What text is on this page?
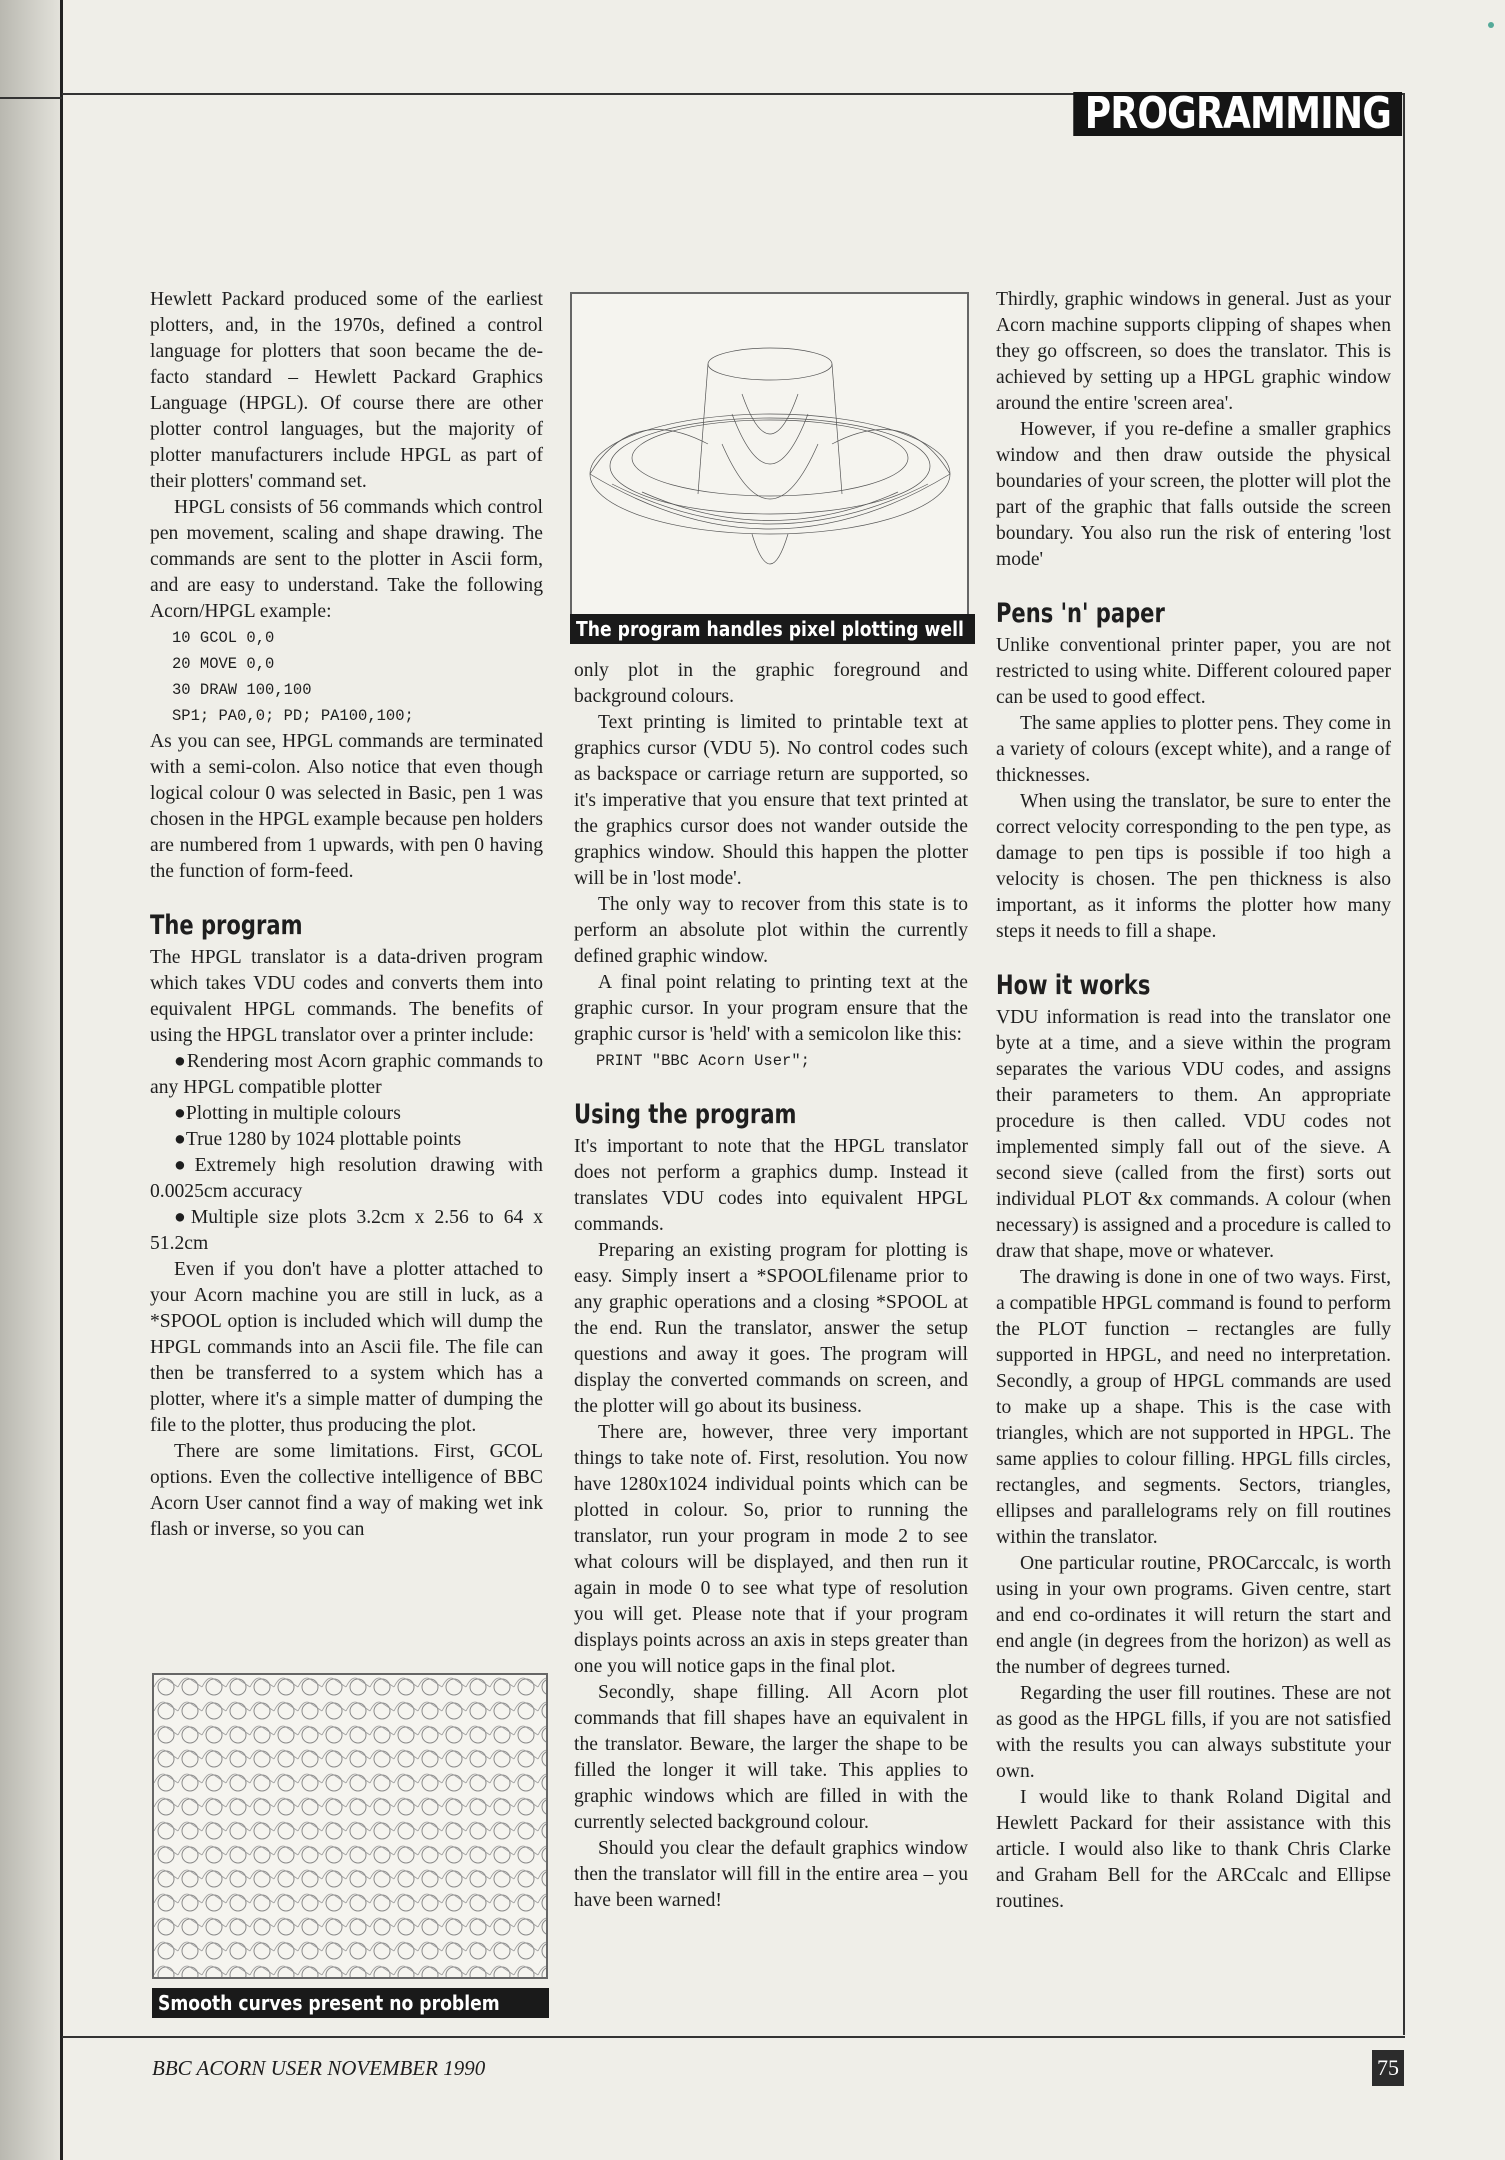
PROGRAMMING

Hewlett Packard produced some of the earliest plotters, and, in the 1970s, defined a control language for plotters that soon became the de-facto standard – Hewlett Packard Graphics Language (HPGL). Of course there are other plotter control languages, but the majority of plotter manufacturers include HPGL as part of their plotters' command set.

HPGL consists of 56 commands which control pen movement, scaling and shape drawing. The commands are sent to the plotter in Ascii form, and are easy to understand. Take the following Acorn/HPGL example:

10 GCOL 0,0
20 MOVE 0,0
30 DRAW 100,100
SP1; PA0,0; PD; PA100,100;

As you can see, HPGL commands are terminated with a semi-colon. Also notice that even though logical colour 0 was selected in Basic, pen 1 was chosen in the HPGL example because pen holders are numbered from 1 upwards, with pen 0 having the function of form-feed.

The program

The HPGL translator is a data-driven program which takes VDU codes and converts them into equivalent HPGL commands. The benefits of using the HPGL translator over a printer include:

● Rendering most Acorn graphic commands to any HPGL compatible plotter

● Plotting in multiple colours

● True 1280 by 1024 plottable points

● Extremely high resolution drawing with 0.0025cm accuracy

● Multiple size plots 3.2cm x 2.56 to 64 x 51.2cm

Even if you don't have a plotter attached to your Acorn machine you are still in luck, as a *SPOOL option is included which will dump the HPGL commands into an Ascii file. The file can then be transferred to a system which has a plotter, where it's a simple matter of dumping the file to the plotter, thus producing the plot.

There are some limitations. First, GCOL options. Even the collective intelligence of BBC Acorn User cannot find a way of making wet ink flash or inverse, so you can

Smooth curves present no problem
The program handles pixel plotting well

only plot in the graphic foreground and background colours.

Text printing is limited to printable text at graphics cursor (VDU 5). No control codes such as backspace or carriage return are supported, so it's imperative that you ensure that text printed at the graphics cursor does not wander outside the graphics window. Should this happen the plotter will be in 'lost mode'.

The only way to recover from this state is to perform an absolute plot within the currently defined graphic window.

A final point relating to printing text at the graphic cursor. In your program ensure that the graphic cursor is 'held' with a semicolon like this:

PRINT "BBC Acorn User";
Using the program

It's important to note that the HPGL translator does not perform a graphics dump. Instead it translates VDU codes into equivalent HPGL commands.

Preparing an existing program for plotting is easy. Simply insert a *SPOOLfilename prior to any graphic operations and a closing *SPOOL at the end. Run the translator, answer the setup questions and away it goes. The program will display the converted commands on screen, and the plotter will go about its business.

There are, however, three very important things to take note of. First, resolution. You now have 1280x1024 individual points which can be plotted in colour. So, prior to running the translator, run your program in mode 2 to see what colours will be displayed, and then run it again in mode 0 to see what type of resolution you will get. Please note that if your program displays points across an axis in steps greater than one you will notice gaps in the final plot.

Secondly, shape filling. All Acorn plot commands that fill shapes have an equivalent in the translator. Beware, the larger the shape to be filled the longer it will take. This applies to graphic windows which are filled in with the currently selected background colour.

Should you clear the default graphics window then the translator will fill in the entire area – you have been warned!

Thirdly, graphic windows in general. Just as your Acorn machine supports clipping of shapes when they go offscreen, so does the translator. This is achieved by setting up a HPGL graphic window around the entire 'screen area'.

However, if you re-define a smaller graphics window and then draw outside the physical boundaries of your screen, the plotter will plot the part of the graphic that falls outside the screen boundary. You also run the risk of entering 'lost mode'

Pens 'n' paper

Unlike conventional printer paper, you are not restricted to using white. Different coloured paper can be used to good effect.

The same applies to plotter pens. They come in a variety of colours (except white), and a range of thicknesses.

When using the translator, be sure to enter the correct velocity corresponding to the pen type, as damage to pen tips is possible if too high a velocity is chosen. The pen thickness is also important, as it informs the plotter how many steps it needs to fill a shape.

How it works

VDU information is read into the translator one byte at a time, and a sieve within the program separates the various VDU codes, and assigns their parameters to them. An appropriate procedure is then called. VDU codes not implemented simply fall out of the sieve. A second sieve (called from the first) sorts out individual PLOT &x commands. A colour (when necessary) is assigned and a procedure is called to draw that shape, move or whatever.

The drawing is done in one of two ways. First, a compatible HPGL command is found to perform the PLOT function – rectangles are fully supported in HPGL, and need no interpretation. Secondly, a group of HPGL commands are used to make up a shape. This is the case with triangles, which are not supported in HPGL. The same applies to colour filling. HPGL fills circles, rectangles, and segments. Sectors, triangles, ellipses and parallelograms rely on fill routines within the translator.

One particular routine, PROCarccalc, is worth using in your own programs. Given centre, start and end co-ordinates it will return the start and end angle (in degrees from the horizon) as well as the number of degrees turned.

Regarding the user fill routines. These are not as good as the HPGL fills, if you are not satisfied with the results you can always substitute your own.

I would like to thank Roland Digital and Hewlett Packard for their assistance with this article. I would also like to thank Chris Clarke and Graham Bell for the ARCcalc and Ellipse routines.

BBC ACORN USER NOVEMBER 1990	75
